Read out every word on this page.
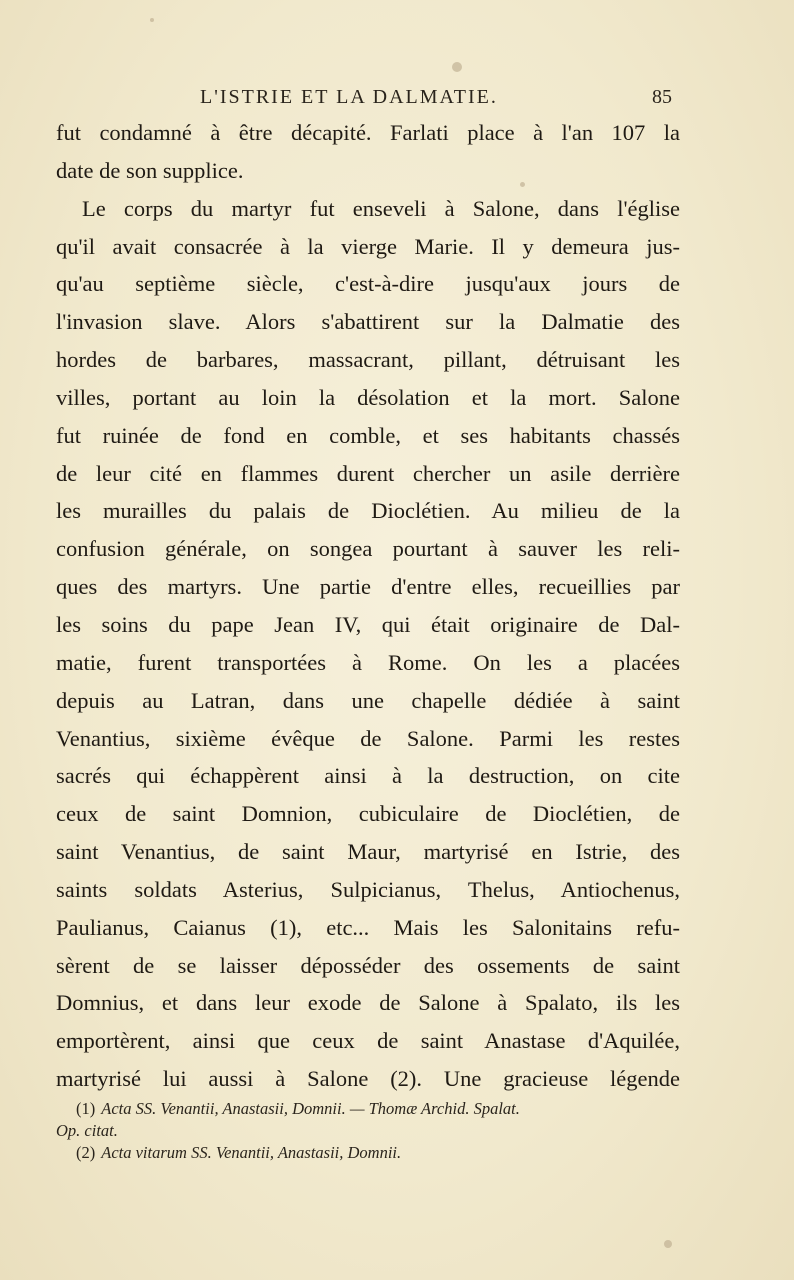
L'ISTRIE ET LA DALMATIE.	85
fut condamné à être décapité. Farlati place à l'an 107 la
date de son supplice.
Le corps du martyr fut enseveli à Salone, dans l'église
qu'il avait consacrée à la vierge Marie. Il y demeura jus-
qu'au septième siècle, c'est-à-dire jusqu'aux jours de
l'invasion slave. Alors s'abattirent sur la Dalmatie des
hordes de barbares, massacrant, pillant, détruisant les
villes, portant au loin la désolation et la mort. Salone
fut ruinée de fond en comble, et ses habitants chassés
de leur cité en flammes durent chercher un asile derrière
les murailles du palais de Dioclétien. Au milieu de la
confusion générale, on songea pourtant à sauver les reli-
ques des martyrs. Une partie d'entre elles, recueillies par
les soins du pape Jean IV, qui était originaire de Dal-
matie, furent transportées à Rome. On les a placées
depuis au Latran, dans une chapelle dédiée à saint
Venantius, sixième évêque de Salone. Parmi les restes
sacrés qui échappèrent ainsi à la destruction, on cite
ceux de saint Domnion, cubiculaire de Dioclétien, de
saint Venantius, de saint Maur, martyrisé en Istrie, des
saints soldats Asterius, Sulpicianus, Thelus, Antiochenus,
Paulianus, Caianus (1), etc... Mais les Salonitains refu-
sèrent de se laisser déposséder des ossements de saint
Domnius, et dans leur exode de Salone à Spalato, ils les
emportèrent, ainsi que ceux de saint Anastase d'Aquilée,
martyrisé lui aussi à Salone (2). Une gracieuse légende
(1) Acta SS. Venantii, Anastasii, Domnii. — Thomæ Archid. Spalat.
Op. citat.
(2) Acta vitarum SS. Venantii, Anastasii, Domnii.
